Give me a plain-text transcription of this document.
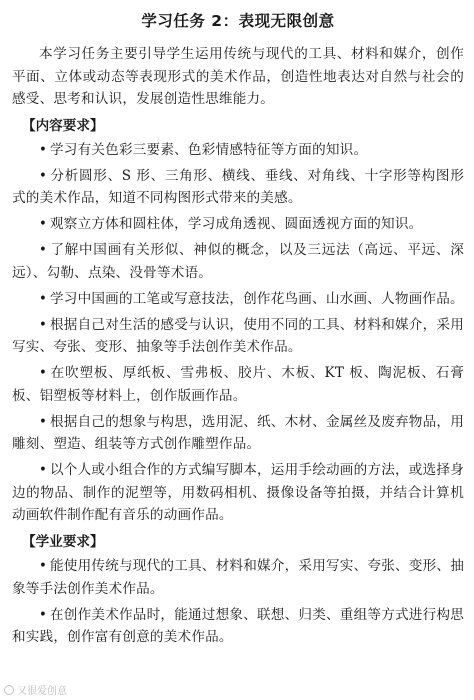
学习任务 2：表现无限创意

本学习任务主要引导学生运用传统与现代的工具、材料和媒介，创作平面、立体或动态等表现形式的美术作品，创造性地表达对自然与社会的感受、思考和认识，发展创造性思维能力。

【内容要求】

• 学习有关色彩三要素、色彩情感特征等方面的知识。

• 分析圆形、S 形、三角形、横线、垂线、对角线、十字形等构图形式的美术作品，知道不同构图形式带来的美感。

• 观察立方体和圆柱体，学习成角透视、圆面透视方面的知识。

• 了解中国画有关形似、神似的概念，以及三远法（高远、平远、深远）、勾勒、点染、没骨等术语。

• 学习中国画的工笔或写意技法，创作花鸟画、山水画、人物画作品。

• 根据自己对生活的感受与认识，使用不同的工具、材料和媒介，采用写实、夸张、变形、抽象等手法创作美术作品。

• 在吹塑板、厚纸板、雪弗板、胶片、木板、KT 板、陶泥板、石膏板、铝塑板等材料上，创作版画作品。

• 根据自己的想象与构思，选用泥、纸、木材、金属丝及废弃物品，用雕刻、塑造、组装等方式创作雕塑作品。

• 以个人或小组合作的方式编写脚本，运用手绘动画的方法，或选择身边的物品、制作的泥塑等，用数码相机、摄像设备等拍摄，并结合计算机动画软件制作配有音乐的动画作品。

【学业要求】

• 能使用传统与现代的工具、材料和媒介，采用写实、夸张、变形、抽象等手法创作美术作品。

• 在创作美术作品时，能通过想象、联想、归类、重组等方式进行构思和实践，创作富有创意的美术作品。

又很爱创意
